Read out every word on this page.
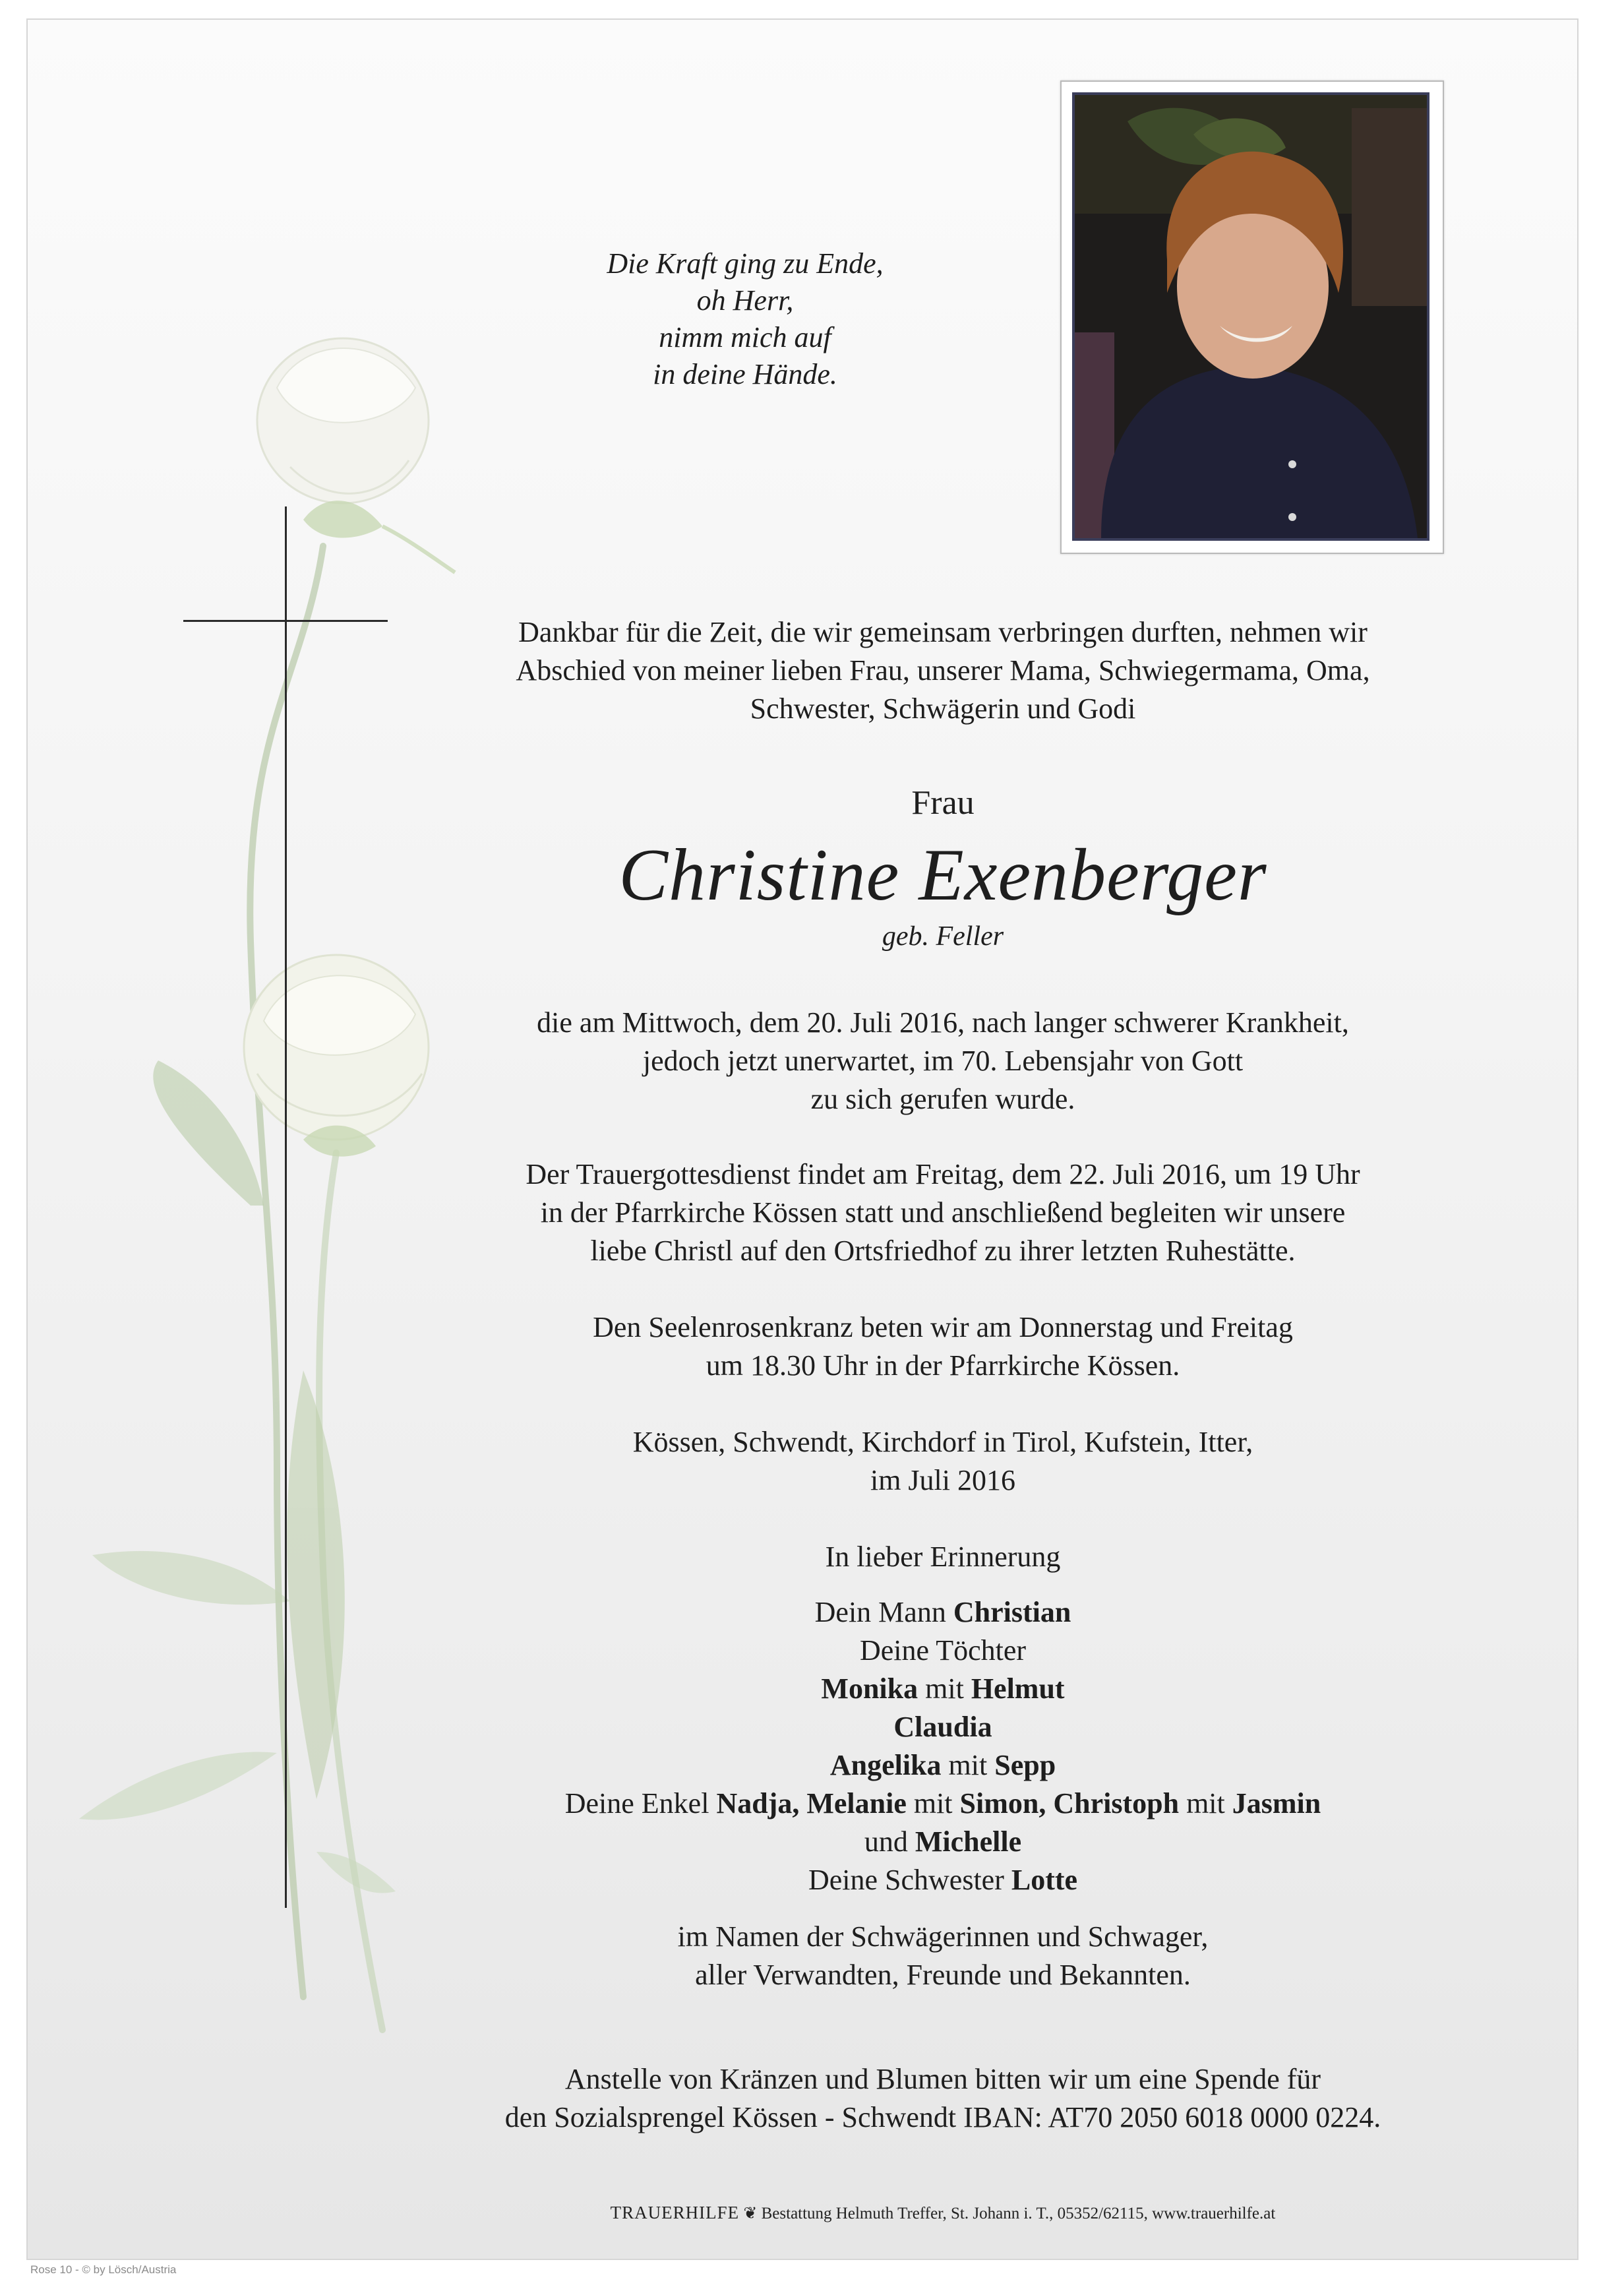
Die Kraft ging zu Ende,
oh Herr,
nimm mich auf
in deine Hände.
Dankbar für die Zeit, die wir gemeinsam verbringen durften, nehmen wir
Abschied von meiner lieben Frau, unserer Mama, Schwiegermama, Oma,
Schwester, Schwägerin und Godi
Frau
Christine Exenberger
geb. Feller
die am Mittwoch, dem 20. Juli 2016, nach langer schwerer Krankheit,
jedoch jetzt unerwartet, im 70. Lebensjahr von Gott
zu sich gerufen wurde.
Der Trauergottesdienst findet am Freitag, dem 22. Juli 2016, um 19 Uhr
in der Pfarrkirche Kössen statt und anschließend begleiten wir unsere
liebe Christl auf den Ortsfriedhof zu ihrer letzten Ruhestätte.
Den Seelenrosenkranz beten wir am Donnerstag und Freitag
um 18.30 Uhr in der Pfarrkirche Kössen.
Kössen, Schwendt, Kirchdorf in Tirol, Kufstein, Itter,
im Juli 2016
In lieber Erinnerung
Dein Mann Christian
Deine Töchter
Monika mit Helmut
Claudia
Angelika mit Sepp
Deine Enkel Nadja, Melanie mit Simon, Christoph mit Jasmin
und Michelle
Deine Schwester Lotte
im Namen der Schwägerinnen und Schwager,
aller Verwandten, Freunde und Bekannten.
Anstelle von Kränzen und Blumen bitten wir um eine Spende für
den Sozialsprengel Kössen - Schwendt IBAN: AT70 2050 6018 0000 0224.
TRAUERHILFE ❦ Bestattung Helmuth Treffer, St. Johann i. T., 05352/62115, www.trauerhilfe.at
Rose 10 - © by Lösch/Austria
